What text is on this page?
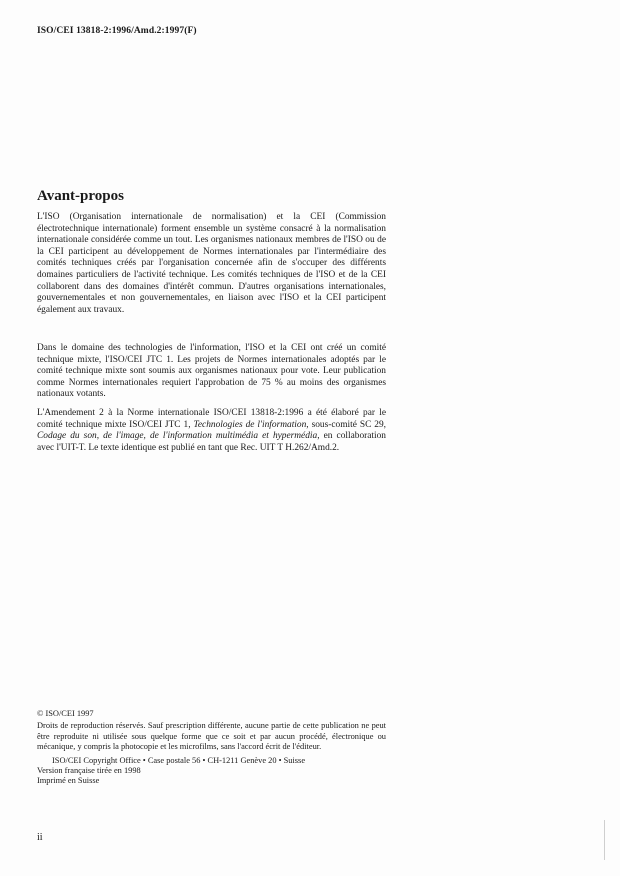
ISO/CEI 13818-2:1996/Amd.2:1997(F)
Avant-propos

L'ISO (Organisation internationale de normalisation) et la CEI (Commission électrotechnique internationale) forment ensemble un système consacré à la normalisation internationale considérée comme un tout. Les organismes nationaux membres de l'ISO ou de la CEI participent au développement de Normes internationales par l'intermédiaire des comités techniques créés par l'organisation concernée afin de s'occuper des différents domaines particuliers de l'activité technique. Les comités techniques de l'ISO et de la CEI collaborent dans des domaines d'intérêt commun. D'autres organisations internationales, gouvernementales et non gouvernementales, en liaison avec l'ISO et la CEI participent également aux travaux.

Dans le domaine des technologies de l'information, l'ISO et la CEI ont créé un comité technique mixte, l'ISO/CEI JTC 1. Les projets de Normes internationales adoptés par le comité technique mixte sont soumis aux organismes nationaux pour vote. Leur publication comme Normes internationales requiert l'approbation de 75 % au moins des organismes nationaux votants.

L'Amendement 2 à la Norme internationale ISO/CEI 13818-2:1996 a été élaboré par le comité technique mixte ISO/CEI JTC 1, Technologies de l'information, sous-comité SC 29, Codage du son, de l'image, de l'information multimédia et hypermédia, en collaboration avec l'UIT-T. Le texte identique est publié en tant que Rec. UIT T H.262/Amd.2.

© ISO/CEI 1997

Droits de reproduction réservés. Sauf prescription différente, aucune partie de cette publication ne peut être reproduite ni utilisée sous quelque forme que ce soit et par aucun procédé, électronique ou mécanique, y compris la photocopie et les microfilms, sans l'accord écrit de l'éditeur.

ISO/CEI Copyright Office • Case postale 56 • CH-1211 Genève 20 • Suisse

Version française tirée en 1998

Imprimé en Suisse

ii
